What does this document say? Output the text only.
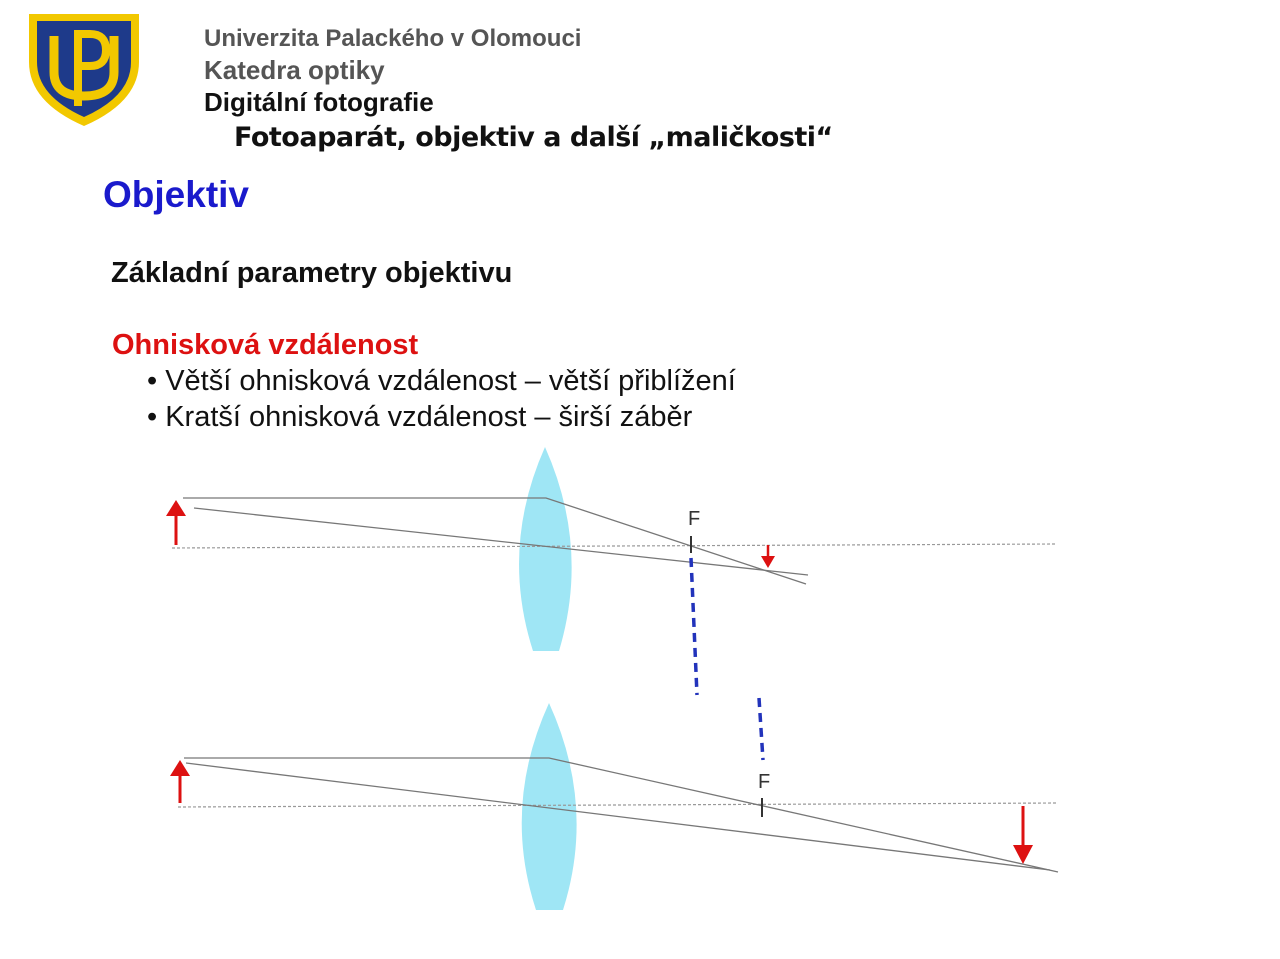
Univerzita Palackého v Olomouci
Katedra optiky
Digitální fotografie
Fotoaparát, objektiv a další „maličkosti“
Objektiv
Základní parametry objektivu
Ohnisková vzdálenost
• Větší ohnisková vzdálenost – větší přiblížení
• Kratší ohnisková vzdálenost – širší záběr
F
F
